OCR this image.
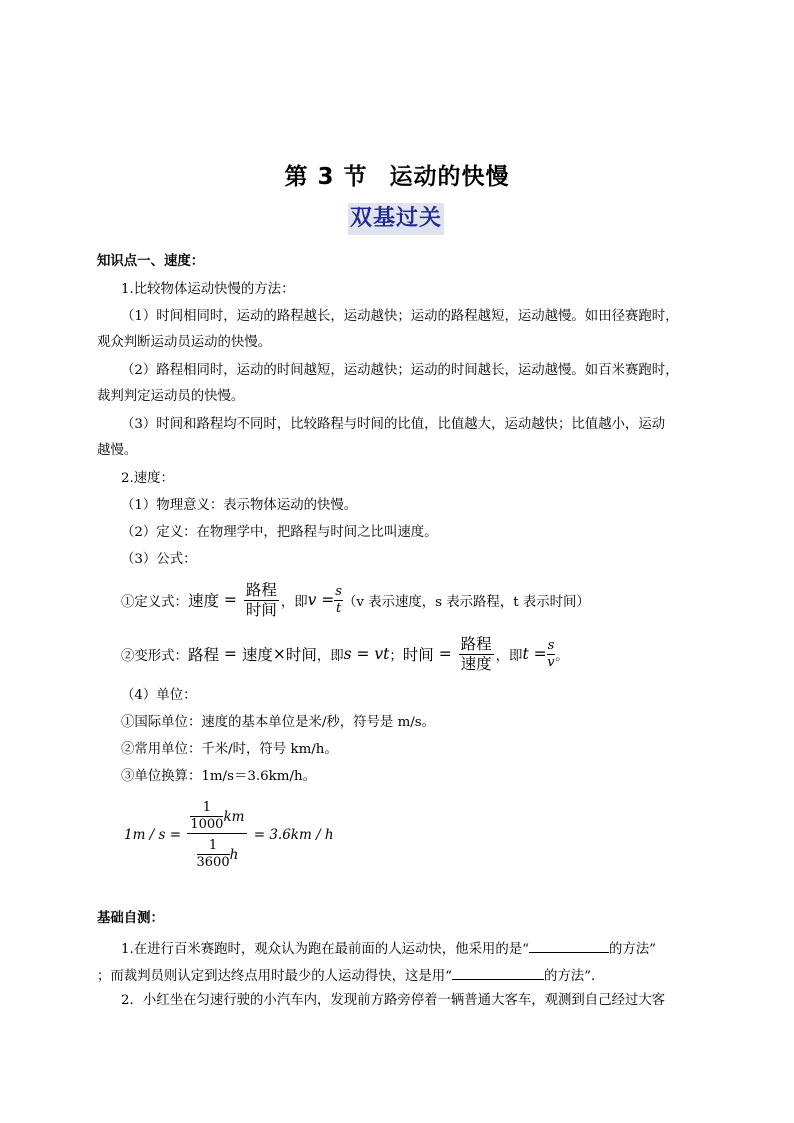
第 3 节 运动的快慢
双基过关
知识点一、速度：
1.比较物体运动快慢的方法：
（1）时间相同时，运动的路程越长，运动越快；运动的路程越短，运动越慢。如田径赛跑时，
观众判断运动员运动的快慢。
（2）路程相同时，运动的时间越短，运动越快；运动的时间越长，运动越慢。如百米赛跑时，
裁判判定运动员的快慢。
（3）时间和路程均不同时，比较路程与时间的比值，比值越大，运动越快；比值越小，运动
越慢。
2.速度：
（1）物理意义：表示物体运动的快慢。
（2）定义：在物理学中，把路程与时间之比叫速度。
（3）公式：
①定义式： 速度 = $\frac{\text{路程}}{\text{时间}}$ ，即 $v = \frac{s}{t} (v$ 表示速度，s 表示路程，t 表示时间）
②变形式： 路程 = 速度 × 时间 ，即 s = vt ； 时间 = $\frac{\text{路程}}{\text{速度}}$ ，即 $t = \frac{s}{v}$ 。
（4）单位：
①国际单位：速度的基本单位是米/秒，符号是 m/s。
②常用单位：千米/时，符号 km/h。
③单位换算：1m/s＝3.6km/h。
1m / s = 1
1000 km
1
3600 h
= 3.6km / h
基础自测：
1.在进行百米赛跑时，观众认为跑在最前面的人运动快，他采用的是“	的方法”
；而裁判员则认定到达终点用时最少的人运动得快，这是用“	的方法”．
2．小红坐在匀速行驶的小汽车内，发现前方路旁停着一辆普通大客车，观测到自己经过大客
